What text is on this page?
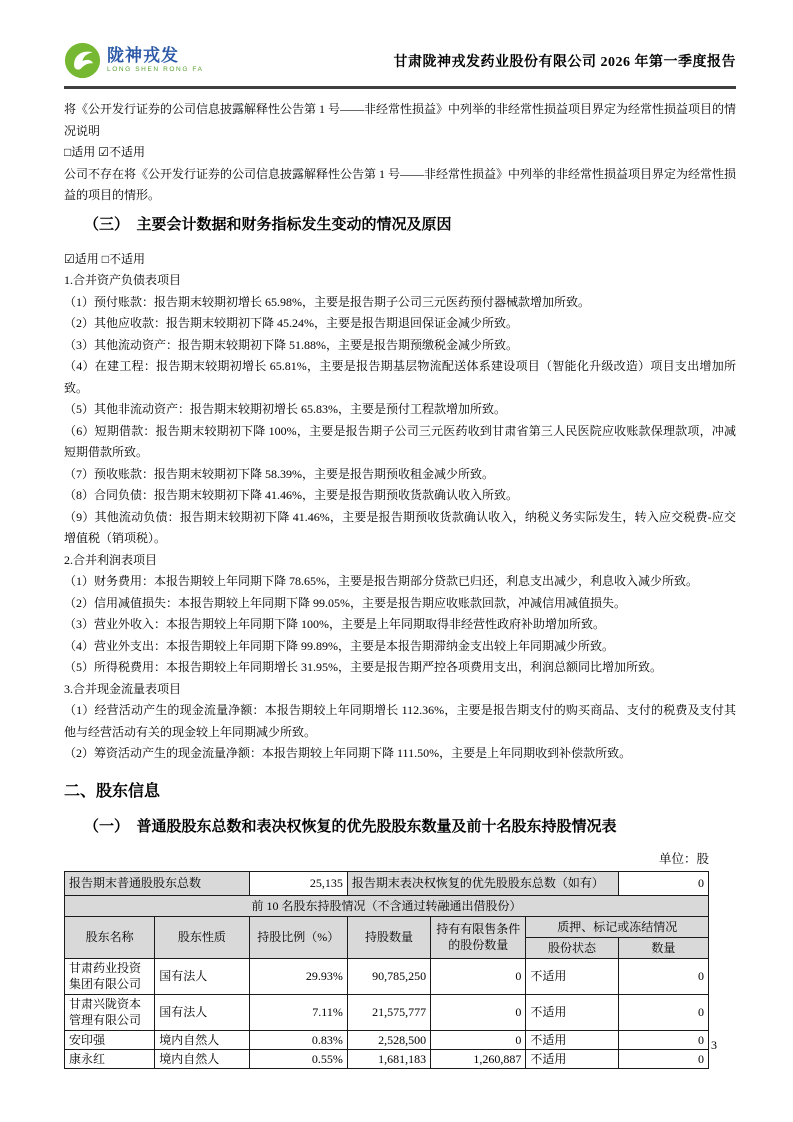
陇神戎发
LONG SHEN RONG FA	甘肃陇神戎发药业股份有限公司 2026 年第一季度报告

将《公开发行证券的公司信息披露解释性公告第 1 号——非经常性损益》中列举的非经常性损益项目界定为经常性损益项目的情况说明

□适用 ☑不适用

公司不存在将《公开发行证券的公司信息披露解释性公告第 1 号——非经常性损益》中列举的非经常性损益项目界定为经常性损益的项目的情形。

（三）　主要会计数据和财务指标发生变动的情况及原因

☑适用 □不适用

1.合并资产负债表项目

（1）预付账款：报告期末较期初增长 65.98%，主要是报告期子公司三元医药预付器械款增加所致。

（2）其他应收款：报告期末较期初下降 45.24%，主要是报告期退回保证金减少所致。

（3）其他流动资产：报告期末较期初下降 51.88%，主要是报告期预缴税金减少所致。

（4）在建工程：报告期末较期初增长 65.81%，主要是报告期基层物流配送体系建设项目（智能化升级改造）项目支出增加所致。

（5）其他非流动资产：报告期末较期初增长 65.83%，主要是预付工程款增加所致。

（6）短期借款：报告期末较期初下降 100%，主要是报告期子公司三元医药收到甘肃省第三人民医院应收账款保理款项，冲减短期借款所致。

（7）预收账款：报告期末较期初下降 58.39%，主要是报告期预收租金减少所致。

（8）合同负债：报告期末较期初下降 41.46%，主要是报告期预收货款确认收入所致。

（9）其他流动负债：报告期末较期初下降 41.46%，主要是报告期预收货款确认收入，纳税义务实际发生，转入应交税费-应交增值税（销项税）。

2.合并利润表项目

（1）财务费用：本报告期较上年同期下降 78.65%，主要是报告期部分贷款已归还，利息支出减少，利息收入减少所致。

（2）信用减值损失：本报告期较上年同期下降 99.05%，主要是报告期应收账款回款，冲减信用减值损失。

（3）营业外收入：本报告期较上年同期下降 100%，主要是上年同期取得非经营性政府补助增加所致。

（4）营业外支出：本报告期较上年同期下降 99.89%，主要是本报告期滞纳金支出较上年同期减少所致。

（5）所得税费用：本报告期较上年同期增长 31.95%，主要是报告期严控各项费用支出，利润总额同比增加所致。

3.合并现金流量表项目

（1）经营活动产生的现金流量净额：本报告期较上年同期增长 112.36%，主要是报告期支付的购买商品、支付的税费及支付其他与经营活动有关的现金较上年同期减少所致。

（2）筹资活动产生的现金流量净额：本报告期较上年同期下降 111.50%，主要是上年同期收到补偿款所致。

二、股东信息
（一）　普通股股东总数和表决权恢复的优先股股东数量及前十名股东持股情况表
单位：股
报告期末普通股股东总数		25,135	报告期末表决权恢复的优先股股东总数（如有）			0
前 10 名股东持股情况（不含通过转融通出借股份）						
股东名称	股东性质	持股比例（%）	持股数量	持有有限售条件的股份数量	质押、标记或冻结情况	
					股份状态	数量
甘肃药业投资集团有限公司	国有法人	29.93%	90,785,250	0	不适用	0
甘肃兴陇资本管理有限公司	国有法人	7.11%	21,575,777	0	不适用	0
安印强	境内自然人	0.83%	2,528,500	0	不适用	0
康永红	境内自然人	0.55%	1,681,183	1,260,887	不适用	0
3
